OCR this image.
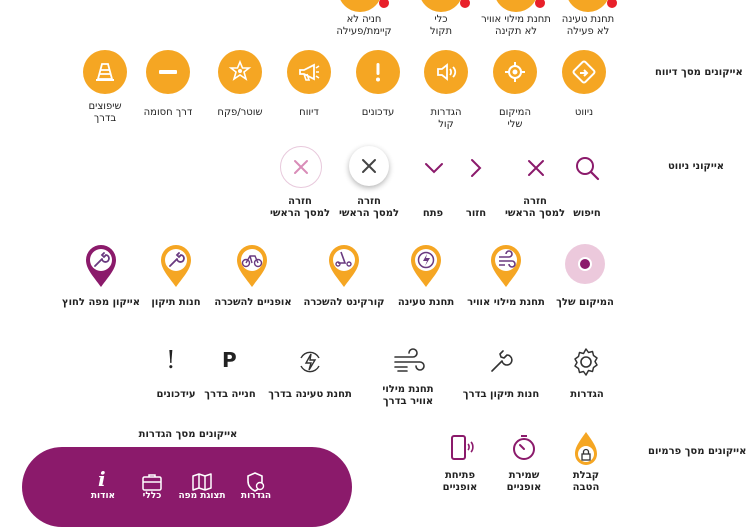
חניה לא
קיימת/פעילה
כלי
תקול
תחנת מילוי אוויר
לא תקינה
תחנת טעינה
לא פעילה
אייקונים מסך דיווח
ניווט
המיקום
שלי
הגדרות
קול
עדכונים
דיווח
שוטר/פקח
דרך חסומה
שיפוצים
בדרך
אייקוני ניווט
חיפוש
חזרה
למסך הראשי
חזור
פתח
חזרה
למסך הראשי
חזרה
למסך הראשי
המיקום שלך
תחנת מילוי אוויר
תחנת טעינה
קורקינט להשכרה
אופניים להשכרה
חנות תיקון
אייקון מפה לחוץ
P
!
הגדרות
חנות תיקון בדרך
תחנת מילוי
אוויר בדרך
תחנת טעינה בדרך
חנייה בדרך
עידכונים
אייקונים מסך פרמיום
אייקונים מסך הגדרות
קבלת
הטבה
שמירת
אופניים
פתיחת
אופניים
i
הגדרות
תצוגת מפה
כללי
אודות
